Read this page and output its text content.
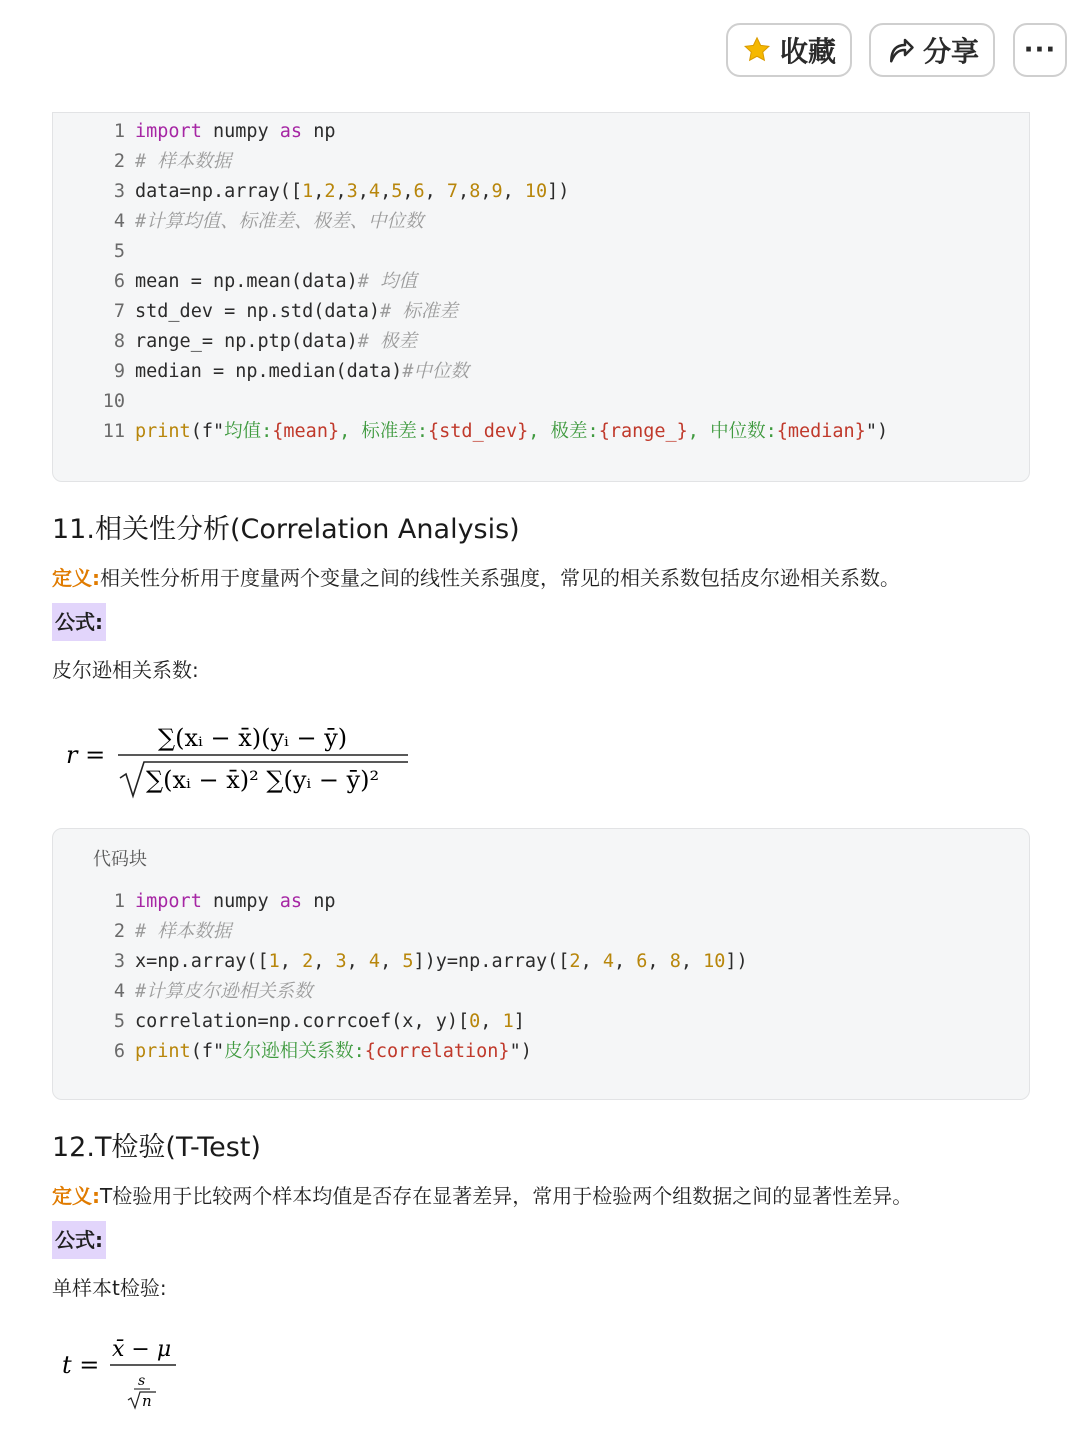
收藏	分享 ···
1 import numpy as np
2 # 样本数据
3 data=np.array([1,2,3,4,5,6, 7,8,9, 10])
4 #计算均值、标准差、极差、中位数
5
6 mean = np.mean(data)# 均值
7 std_dev = np.std(data)# 标准差
8 range_= np.ptp(data)# 极差
9 median = np.median(data)#中位数
10
11 print(f"均值:{mean}, 标准差:{std_dev}, 极差:{range_}, 中位数:{median}")
11.相关性分析(Correlation Analysis)
定义:相关性分析用于度量两个变量之间的线性关系强度，常见的相关系数包括皮尔逊相关系数。
公式:
皮尔逊相关系数:
r =
∑(xᵢ − x̄)(yᵢ − ȳ)
∑(xᵢ − x̄)² ∑(yᵢ − ȳ)²
代码块
1 import numpy as np
2 # 样本数据
3 x=np.array([1, 2, 3, 4, 5])y=np.array([2, 4, 6, 8, 10])
4 #计算皮尔逊相关系数
5 correlation=np.corrcoef(x, y)[0, 1]
6 print(f"皮尔逊相关系数:{correlation}")
12.T检验(T-Test)
定义:T检验用于比较两个样本均值是否存在显著差异，常用于检验两个组数据之间的显著性差异。
公式:
单样本t检验:
t =
x̄ − μ
s
n
